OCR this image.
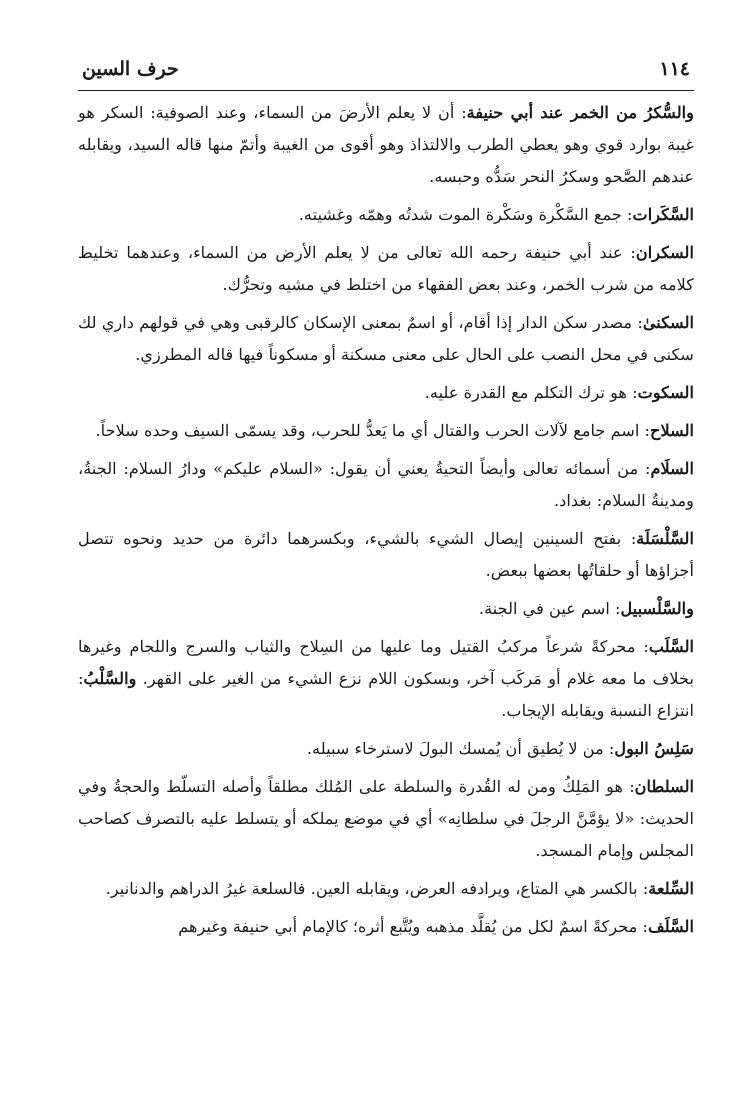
١١٤
حرف السين

والسُّكرُ من الخمر عند أبي حنيفة: أن لا يعلم الأرضَ من السماء، وعند الصوفية: السكر هو غيبة بوارد قوي وهو يعطي الطرب والالتذاذ وهو أقوى من الغيبة وأتمّ منها قاله السيد، ويقابله عندهم الصَّحو وسكرُ النحر سَدُّه وحبسه.

السَّكَرات: جمع السَّكْرة وسَكْرة الموت شدتُه وهمّه وغشيته.

السكران: عند أبي حنيفة رحمه الله تعالى من لا يعلم الأرض من السماء، وعندهما تخليط كلامه من شرب الخمر، وعند بعض الفقهاء من اختلط في مشيه وتحرُّك.

السكنىٰ: مصدر سكن الدار إذا أقام، أو اسمٌ بمعنى الإسكان كالرقبى وهي في قولهم داري لك سكنى في محل النصب على الحال على معنى مسكنة أو مسكوناً فيها قاله المطرزي.

السكوت: هو ترك التكلم مع القدرة عليه.

السلاح: اسم جامع لآلات الحرب والقتال أي ما يَعدُّ للحرب، وقد يسمّى السيف وحده سلاحاً.

السلَام: من أسمائه تعالى وأيضاً التحيةُ يعني أن يقول: «السلام عليكم» ودارُ السلام: الجنةُ، ومدينةُ السلام: بغداد.

السَّلْسَلَة: بفتح السينين إيصال الشيء بالشيء، وبكسرهما دائرة من حديد ونحوه تتصل أجزاؤها أو حلقاتُها بعضها ببعض.

والسَّلْسبيل: اسم عين في الجنة.

السَّلَب: محركةً شرعاً مركبُ القتيل وما عليها من السِلاح والثياب والسرج واللجام وغيرها بخلاف ما معه غلام أو مَركَب آخر، وبسكون اللام نزع الشيء من الغير على القهر. والسَّلْبُ: انتزاع النسبة ويقابله الإيجاب.

سَلِسُ البول: من لا يُطيق أن يُمسك البولَ لاسترخاء سبيله.

السلطان: هو المَلِكُ ومن له القُدرة والسلطة على المُلك مطلقاً وأصله التسلّط والحجةُ وفي الحديث: «لا يؤمَّنَّ الرجلَ في سلطانِه» أي في موضع يملكه أو يتسلط عليه بالتصرف كصاحب المجلس وإمام المسجد.

السِّلعة: بالكسر هي المتاع، ويرادفه العرض، ويقابله العين. فالسلعة غيرُ الدراهم والدنانير.

السَّلَف: محركةً اسمٌ لكل من يُقلَّد مذهبه ويُتَّبع أثره؛ كالإمام أبي حنيفة وغيرهم
